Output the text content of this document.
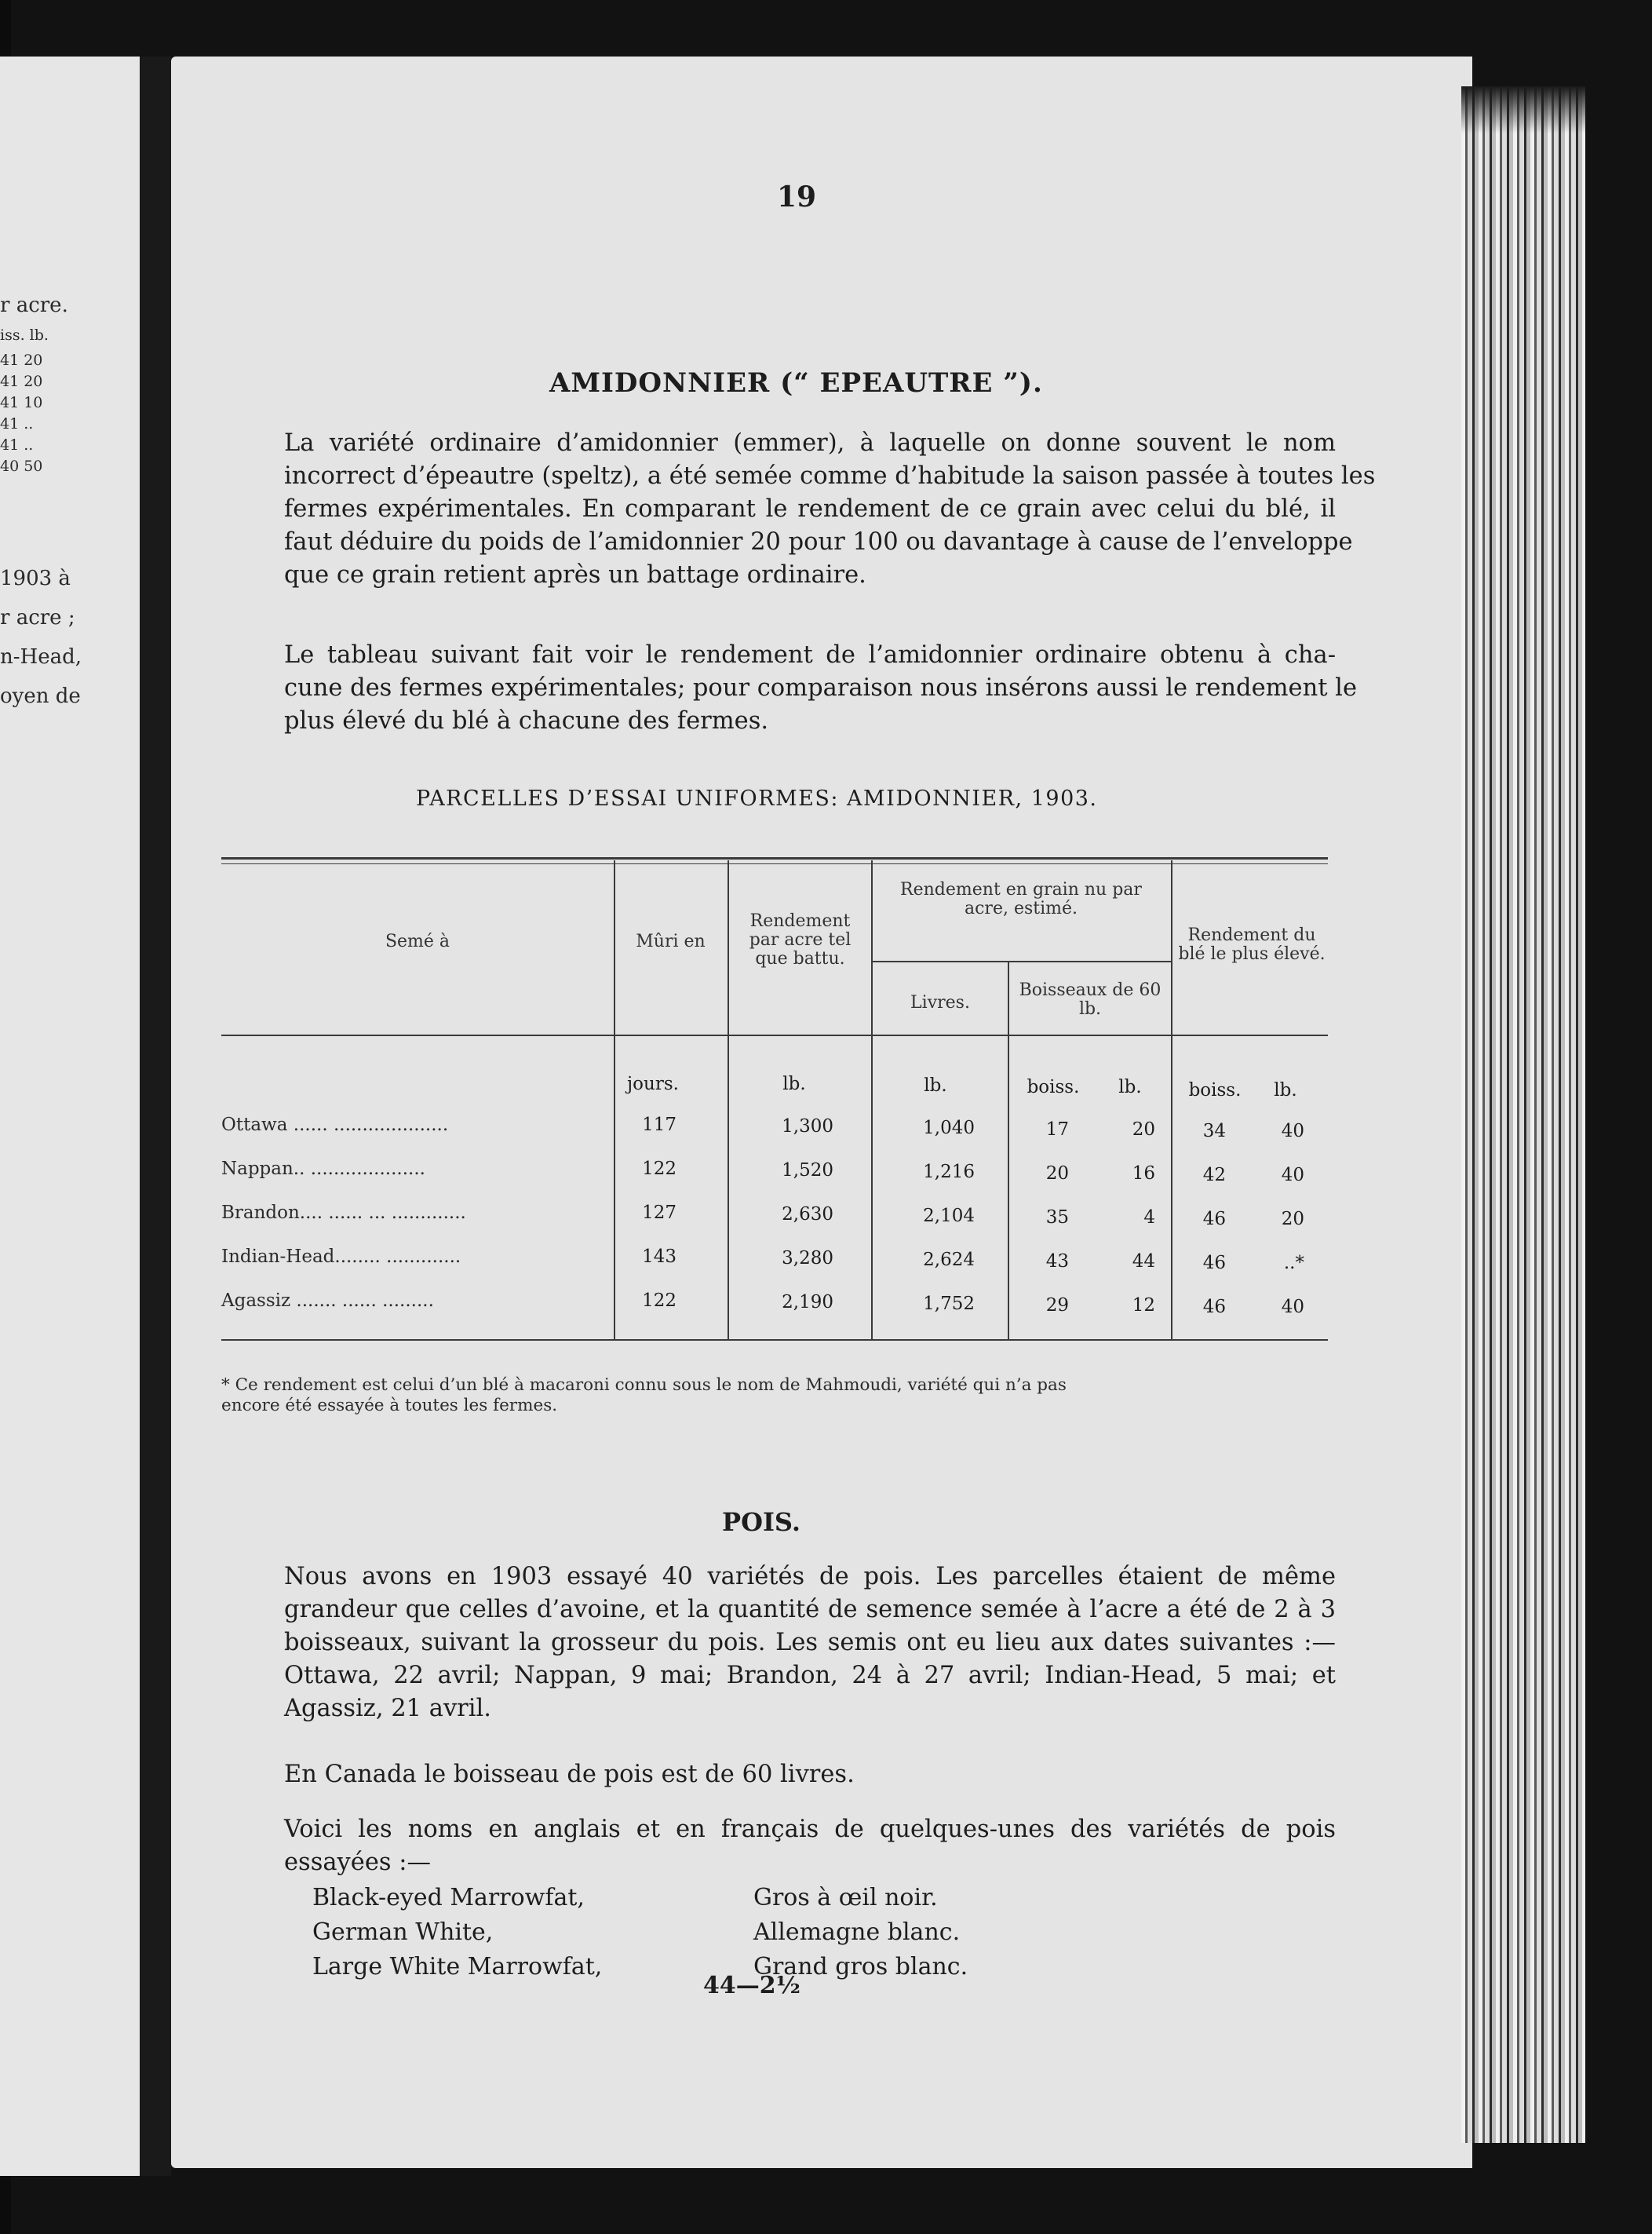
r acre.
iss. lb.
41 20
41 20
41 10
41 ..
41 ..
40 50
1903 à
r acre ;
n-Head,
oyen de
19
AMIDONNIER (“ EPEAUTRE ”).
La variété ordinaire d’amidonnier (emmer), à laquelle on donne souvent le nom
incorrect d’épeautre (speltz), a été semée comme d’habitude la saison passée à toutes les
fermes expérimentales. En comparant le rendement de ce grain avec celui du blé, il
faut déduire du poids de l’amidonnier 20 pour 100 ou davantage à cause de l’enveloppe
que ce grain retient après un battage ordinaire.
Le tableau suivant fait voir le rendement de l’amidonnier ordinaire obtenu à cha-
cune des fermes expérimentales; pour comparaison nous insérons aussi le rendement le
plus élevé du blé à chacune des fermes.
PARCELLES D’ESSAI UNIFORMES: AMIDONNIER, 1903.
Semé à	Mûri en
Rendement par acre tel que battu.
Rendement en grain nu par acre, estimé.
Livres.
Boisseaux de 60 lb.
Rendement du blé le plus élevé.
jours.	lb.	lb.	boiss.	lb.	boiss.	lb.
Ottawa ...... ....................	117	1,300	1,040	17	20	34	40
Nappan.. ....................	122	1,520	1,216	20	16	42	40
Brandon.... ...... ... .............	127	2,630	2,104	35	4	46	20
Indian-Head........ .............	143	3,280	2,624	43	44	46	..*
Agassiz ....... ...... .........	122	2,190	1,752	29	12	46	40
* Ce rendement est celui d’un blé à macaroni connu sous le nom de Mahmoudi, variété qui n’a pas
encore été essayée à toutes les fermes.
POIS.
Nous avons en 1903 essayé 40 variétés de pois. Les parcelles étaient de même
grandeur que celles d’avoine, et la quantité de semence semée à l’acre a été de 2 à 3
boisseaux, suivant la grosseur du pois. Les semis ont eu lieu aux dates suivantes :—
Ottawa, 22 avril; Nappan, 9 mai; Brandon, 24 à 27 avril; Indian-Head, 5 mai; et
Agassiz, 21 avril.
En Canada le boisseau de pois est de 60 livres.
Voici les noms en anglais et en français de quelques-unes des variétés de pois
essayées :—
Black-eyed Marrowfat,	Gros à œil noir.
German White,	Allemagne blanc.
Large White Marrowfat,	Grand gros blanc.
44—2½
